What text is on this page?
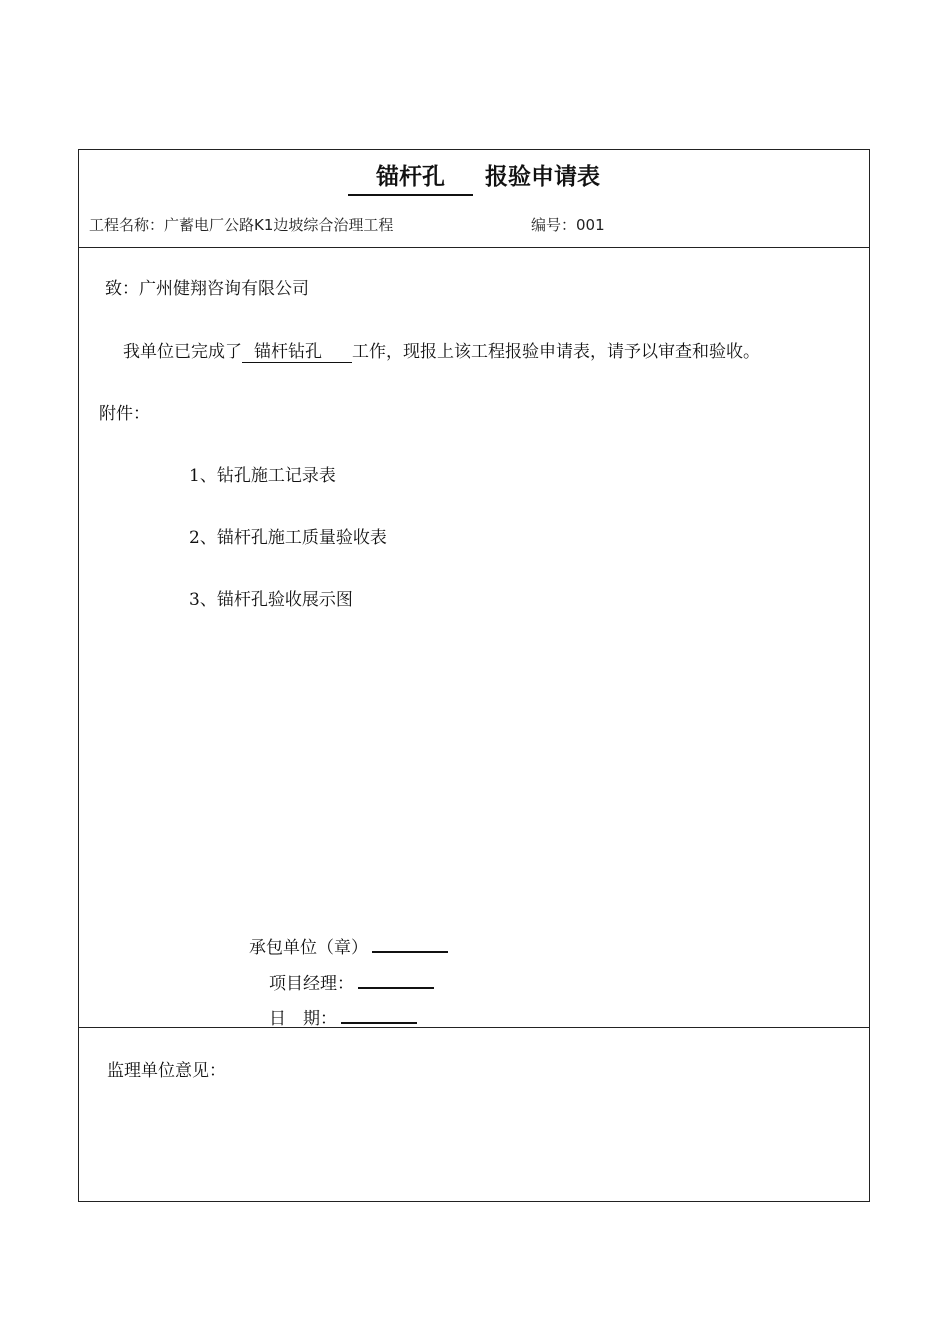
锚杆孔 报验申请表
工程名称：广蓄电厂公路K1边坡综合治理工程	编号：001
致：广州健翔咨询有限公司
我单位已完成了 锚杆钻孔 工作，现报上该工程报验申请表，请予以审查和验收。
附件：
1、钻孔施工记录表
2、锚杆孔施工质量验收表
3、锚杆孔验收展示图
承包单位（章）
项目经理：
日　期：
监理单位意见：
